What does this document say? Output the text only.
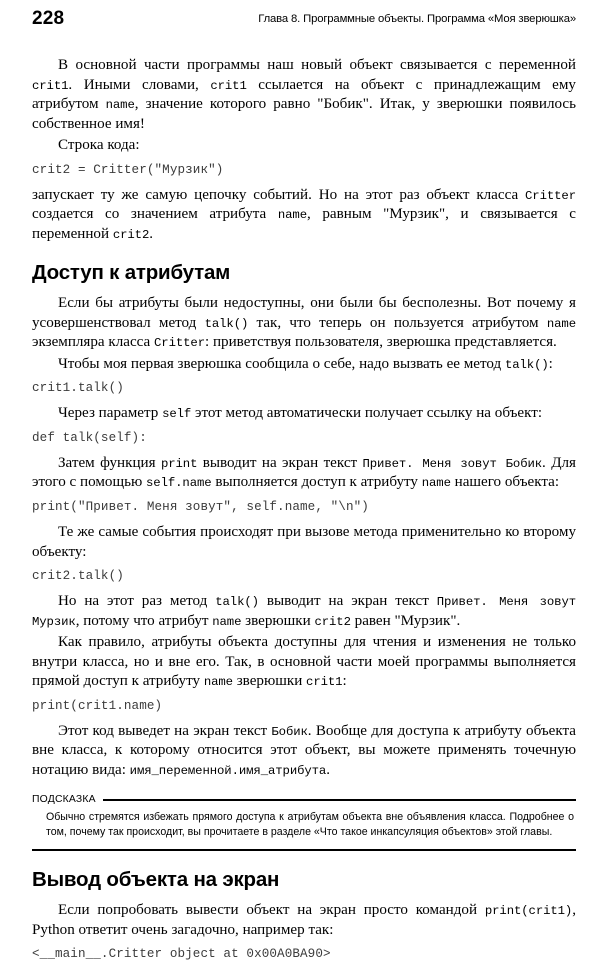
228	Глава 8. Программные объекты. Программа «Моя зверюшка»

В основной части программы наш новый объект связывается с переменной crit1. Иными словами, crit1 ссылается на объект с принадлежащим ему атрибутом name, значение которого равно "Бобик". Итак, у зверюшки появилось собственное имя!

Строка кода:

crit2 = Critter("Мурзик")

запускает ту же самую цепочку событий. Но на этот раз объект класса Critter создается со значением атрибута name, равным "Мурзик", и связывается с переменной crit2.

Доступ к атрибутам

Если бы атрибуты были недоступны, они были бы бесполезны. Вот почему я усовершенствовал метод talk() так, что теперь он пользуется атрибутом name экземпляра класса Critter: приветствуя пользователя, зверюшка представляется.

Чтобы моя первая зверюшка сообщила о себе, надо вызвать ее метод talk():

crit1.talk()

Через параметр self этот метод автоматически получает ссылку на объект:

def talk(self):

Затем функция print выводит на экран текст Привет. Меня зовут Бобик. Для этого с помощью self.name выполняется доступ к атрибуту name нашего объекта:

print("Привет. Меня зовут", self.name, "\n")

Те же самые события происходят при вызове метода применительно ко второму объекту:

crit2.talk()

Но на этот раз метод talk() выводит на экран текст Привет. Меня зовут Мурзик, потому что атрибут name зверюшки crit2 равен "Мурзик".

Как правило, атрибуты объекта доступны для чтения и изменения не только внутри класса, но и вне его. Так, в основной части моей программы выполняется прямой доступ к атрибуту name зверюшки crit1:

print(crit1.name)

Этот код выведет на экран текст Бобик. Вообще для доступа к атрибуту объекта вне класса, к которому относится этот объект, вы можете применять точечную нотацию вида: имя_переменной.имя_атрибута.

ПОДСКАЗКА
Обычно стремятся избежать прямого доступа к атрибутам объекта вне объявления класса. Подробнее о том, почему так происходит, вы прочитаете в разделе «Что такое инкапсуляция объектов» этой главы.
Вывод объекта на экран

Если попробовать вывести объект на экран просто командой print(crit1), Python ответит очень загадочно, например так:

<__main__.Critter object at 0x00A0BA90>
